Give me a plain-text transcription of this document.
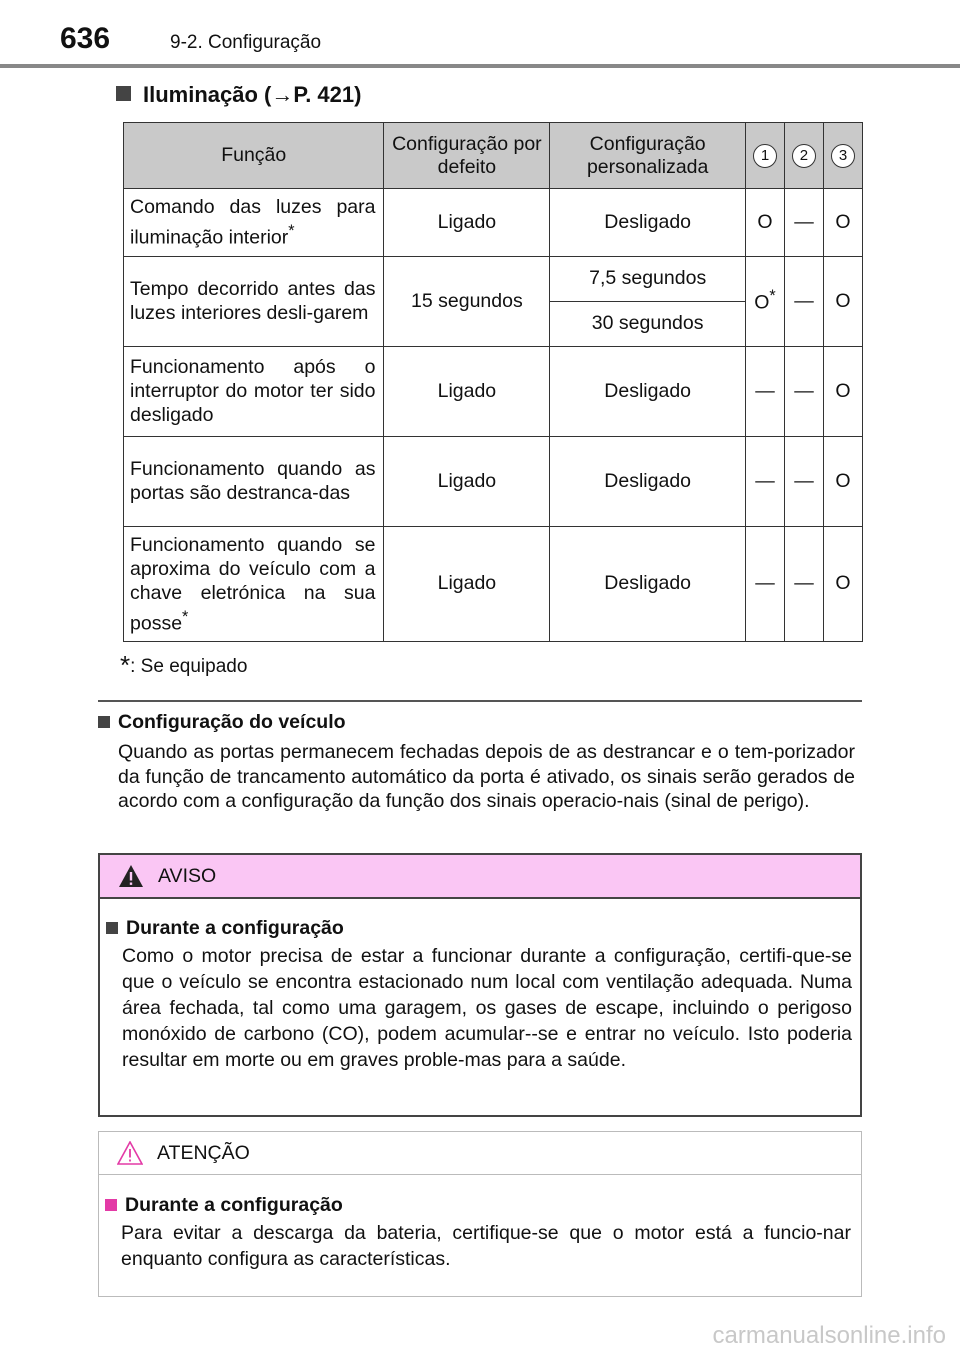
636	9-2. Configuração
Iluminação (→P. 421)
Função	Configuração por defeito	Configuração personalizada	1	2	3
Comando das luzes para iluminação interior*	Ligado	Desligado	O	—	O
Tempo decorrido antes das luzes interiores desli-garem	15 segundos	7,5 segundos	O*	—	O
		30 segundos			
Funcionamento após o interruptor do motor ter sido desligado	Ligado	Desligado	—	—	O
Funcionamento quando as portas são destranca-das	Ligado	Desligado	—	—	O
Funcionamento quando se aproxima do veículo com a chave eletrónica na sua posse*	Ligado	Desligado	—	—	O
*: Se equipado
Configuração do veículo
Quando as portas permanecem fechadas depois de as destrancar e o tem-porizador da função de trancamento automático da porta é ativado, os sinais serão gerados de acordo com a configuração da função dos sinais operacio-nais (sinal de perigo).
AVISO
Durante a configuração
Como o motor precisa de estar a funcionar durante a configuração, certifi-que-se que o veículo se encontra estacionado num local com ventilação adequada. Numa área fechada, tal como uma garagem, os gases de escape, incluindo o perigoso monóxido de carbono (CO), podem acumular--se e entrar no veículo. Isto poderia resultar em morte ou em graves proble-mas para a saúde.
ATENÇÃO
Durante a configuração
Para evitar a descarga da bateria, certifique-se que o motor está a funcio-nar enquanto configura as características.
carmanualsonline.info
